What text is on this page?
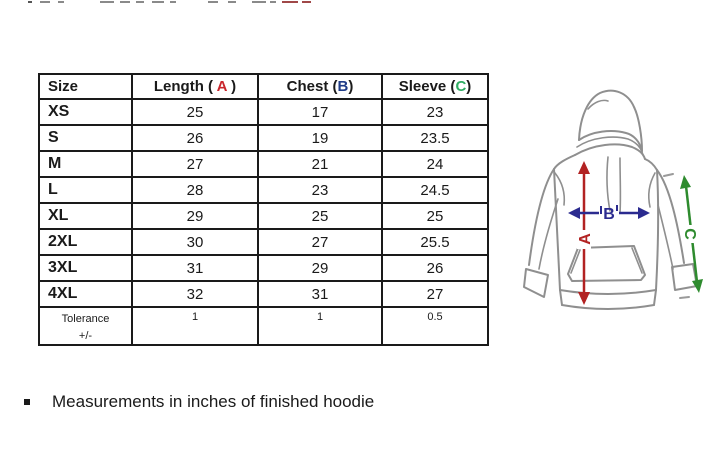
Size	Length ( A )	Chest (B)	Sleeve (C)
XS	25	17	23
S	26	19	23.5
M	27	21	24
L	28	23	24.5
XL	29	25	25
2XL	30	27	25.5
3XL	31	29	26
4XL	32	31	27

Tolerance
+/-	1	1	0.5
A
B
C
Measurements in inches of finished hoodie
